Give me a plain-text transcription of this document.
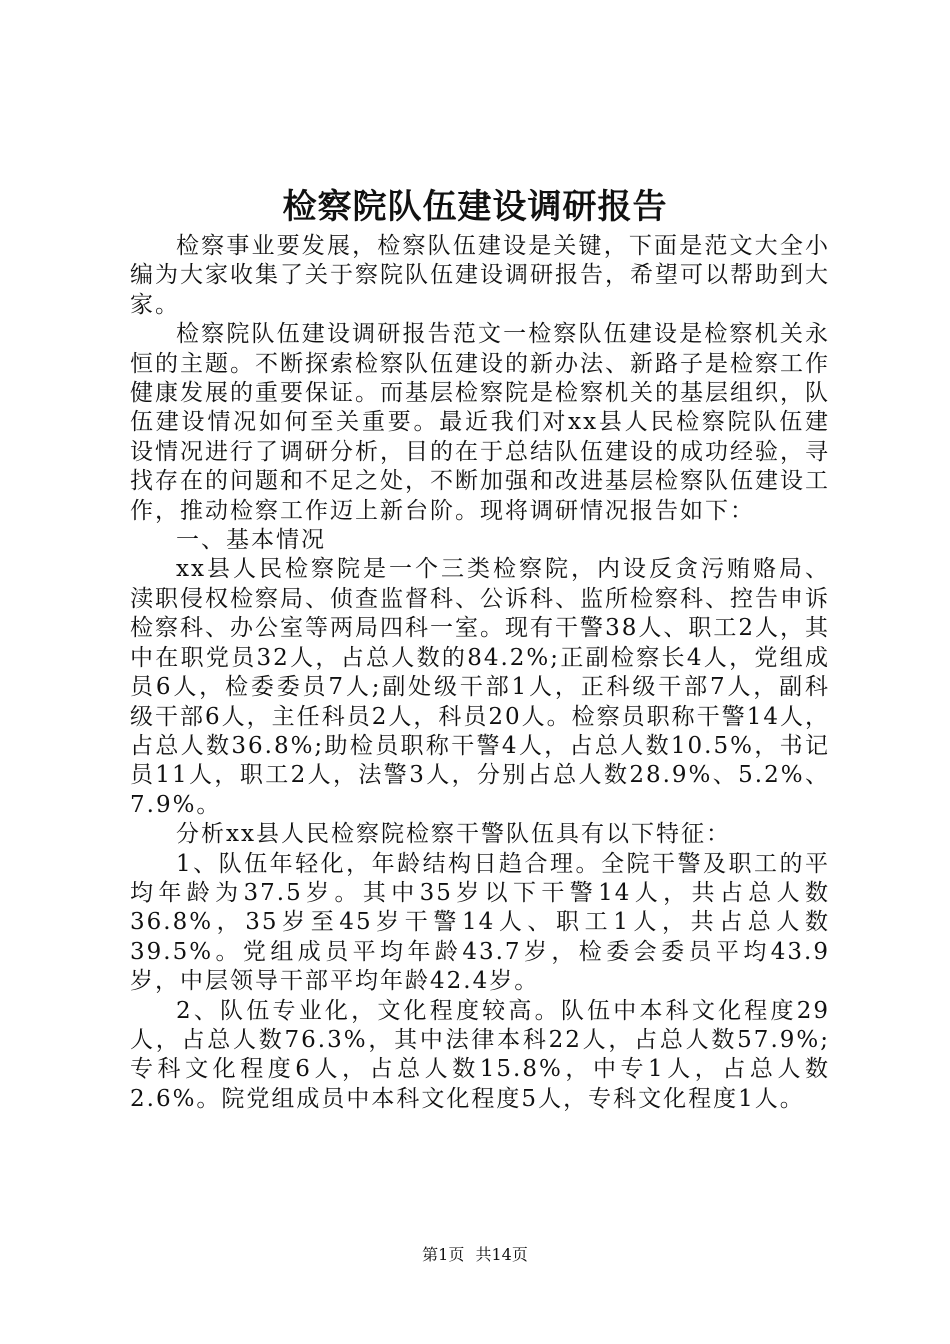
检察院队伍建设调研报告

检察事业要发展，检察队伍建设是关键，下面是范文大全小编为大家收集了关于察院队伍建设调研报告，希望可以帮助到大家。

检察院队伍建设调研报告范文一检察队伍建设是检察机关永恒的主题。不断探索检察队伍建设的新办法、新路子是检察工作健康发展的重要保证。而基层检察院是检察机关的基层组织，队伍建设情况如何至关重要。最近我们对xx县人民检察院队伍建设情况进行了调研分析，目的在于总结队伍建设的成功经验，寻找存在的问题和不足之处，不断加强和改进基层检察队伍建设工作，推动检察工作迈上新台阶。现将调研情况报告如下：

一、基本情况

xx县人民检察院是一个三类检察院，内设反贪污贿赂局、渎职侵权检察局、侦查监督科、公诉科、监所检察科、控告申诉检察科、办公室等两局四科一室。现有干警38人、职工2人，其中在职党员32人，占总人数的84.2%;正副检察长4人，党组成员6人，检委委员7人;副处级干部1人，正科级干部7人，副科级干部6人，主任科员2人，科员20人。检察员职称干警14人，占总人数36.8%;助检员职称干警4人，占总人数10.5%，书记员11人，职工2人，法警3人，分别占总人数28.9%、5.2%、7.9%。

分析xx县人民检察院检察干警队伍具有以下特征：

1、队伍年轻化，年龄结构日趋合理。全院干警及职工的平均年龄为37.5岁。其中35岁以下干警14人，共占总人数36.8%，35岁至45岁干警14人、职工1人，共占总人数39.5%。党组成员平均年龄43.7岁，检委会委员平均43.9岁，中层领导干部平均年龄42.4岁。

2、队伍专业化，文化程度较高。队伍中本科文化程度29人，占总人数76.3%，其中法律本科22人，占总人数57.9%;专科文化程度6人，占总人数15.8%，中专1人，占总人数2.6%。院党组成员中本科文化程度5人，专科文化程度1人。

第1页 共14页
